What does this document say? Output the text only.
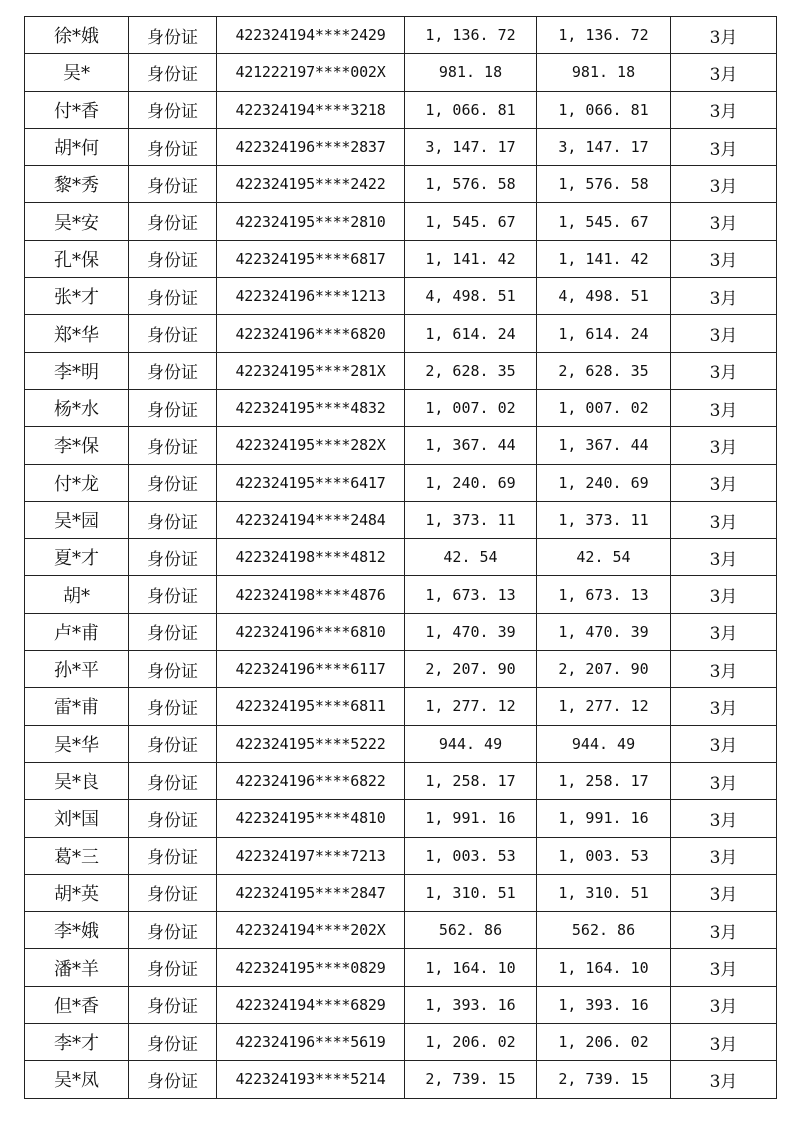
徐*娥	身份证	422324194****2429	1, 136. 72	1, 136. 72	3月
吴*	身份证	421222197****002X	981. 18	981. 18	3月
付*香	身份证	422324194****3218	1, 066. 81	1, 066. 81	3月
胡*何	身份证	422324196****2837	3, 147. 17	3, 147. 17	3月
黎*秀	身份证	422324195****2422	1, 576. 58	1, 576. 58	3月
吴*安	身份证	422324195****2810	1, 545. 67	1, 545. 67	3月
孔*保	身份证	422324195****6817	1, 141. 42	1, 141. 42	3月
张*才	身份证	422324196****1213	4, 498. 51	4, 498. 51	3月
郑*华	身份证	422324196****6820	1, 614. 24	1, 614. 24	3月
李*明	身份证	422324195****281X	2, 628. 35	2, 628. 35	3月
杨*水	身份证	422324195****4832	1, 007. 02	1, 007. 02	3月
李*保	身份证	422324195****282X	1, 367. 44	1, 367. 44	3月
付*龙	身份证	422324195****6417	1, 240. 69	1, 240. 69	3月
吴*园	身份证	422324194****2484	1, 373. 11	1, 373. 11	3月
夏*才	身份证	422324198****4812	42. 54	42. 54	3月
胡*	身份证	422324198****4876	1, 673. 13	1, 673. 13	3月
卢*甫	身份证	422324196****6810	1, 470. 39	1, 470. 39	3月
孙*平	身份证	422324196****6117	2, 207. 90	2, 207. 90	3月
雷*甫	身份证	422324195****6811	1, 277. 12	1, 277. 12	3月
吴*华	身份证	422324195****5222	944. 49	944. 49	3月
吴*良	身份证	422324196****6822	1, 258. 17	1, 258. 17	3月
刘*国	身份证	422324195****4810	1, 991. 16	1, 991. 16	3月
葛*三	身份证	422324197****7213	1, 003. 53	1, 003. 53	3月
胡*英	身份证	422324195****2847	1, 310. 51	1, 310. 51	3月
李*娥	身份证	422324194****202X	562. 86	562. 86	3月
潘*羊	身份证	422324195****0829	1, 164. 10	1, 164. 10	3月
但*香	身份证	422324194****6829	1, 393. 16	1, 393. 16	3月
李*才	身份证	422324196****5619	1, 206. 02	1, 206. 02	3月
吴*凤	身份证	422324193****5214	2, 739. 15	2, 739. 15	3月
